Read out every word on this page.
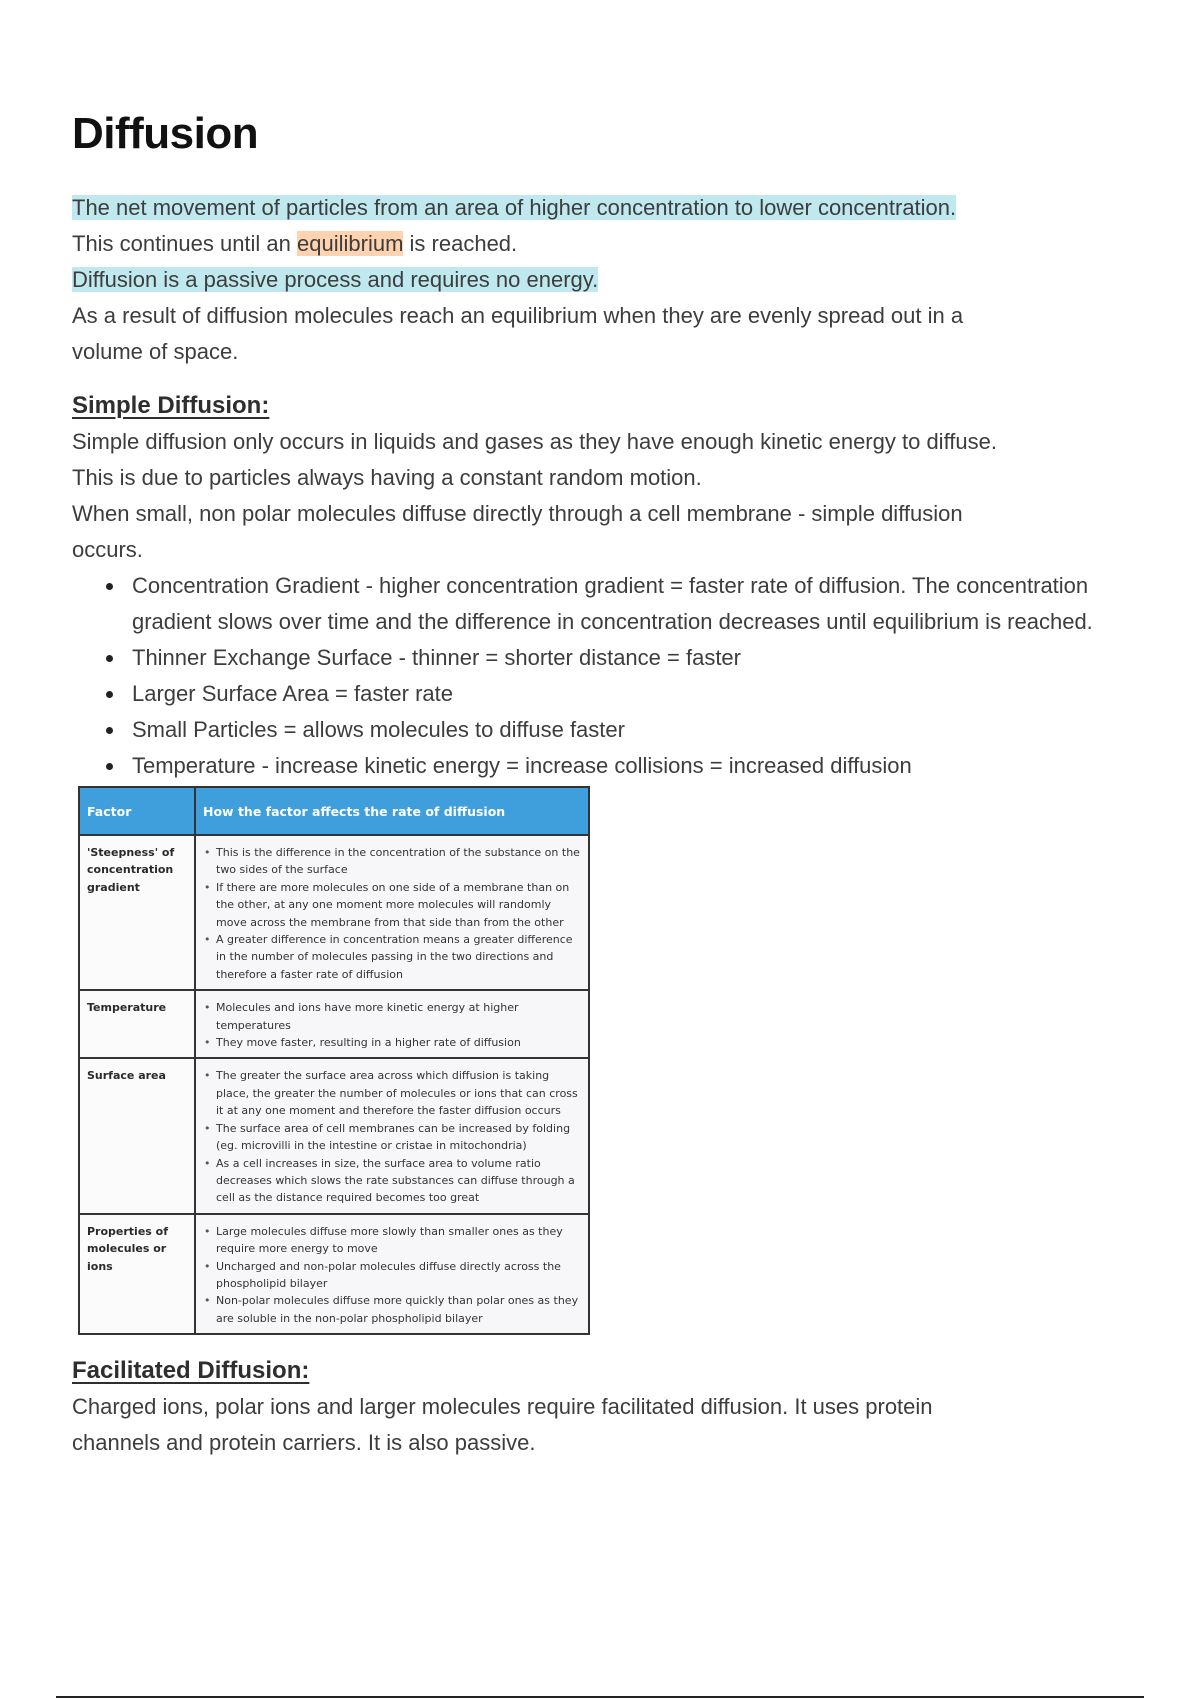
Diffusion
The net movement of particles from an area of higher concentration to lower concentration.
This continues until an equilibrium is reached.
Diffusion is a passive process and requires no energy.
As a result of diffusion molecules reach an equilibrium when they are evenly spread out in a
volume of space.
Simple Diffusion:
Simple diffusion only occurs in liquids and gases as they have enough kinetic energy to diffuse.
This is due to particles always having a constant random motion.
When small, non polar molecules diffuse directly through a cell membrane - simple diffusion
occurs.
Concentration Gradient - higher concentration gradient = faster rate of diffusion. The concentration gradient slows over time and the difference in concentration decreases until equilibrium is reached.
Thinner Exchange Surface - thinner = shorter distance = faster
Larger Surface Area = faster rate
Small Particles = allows molecules to diffuse faster
Temperature - increase kinetic energy = increase collisions = increased diffusion
Factor	How the factor affects the rate of diffusion
'Steepness' of concentration gradient	• This is the difference in the concentration of the substance on the two sides of the surface
• If there are more molecules on one side of a membrane than on the other, at any one moment more molecules will randomly move across the membrane from that side than from the other
• A greater difference in concentration means a greater difference in the number of molecules passing in the two directions and therefore a faster rate of diffusion

Temperature	• Molecules and ions have more kinetic energy at higher temperatures
• They move faster, resulting in a higher rate of diffusion

Surface area	• The greater the surface area across which diffusion is taking place, the greater the number of molecules or ions that can cross it at any one moment and therefore the faster diffusion occurs
• The surface area of cell membranes can be increased by folding (eg. microvilli in the intestine or cristae in mitochondria)
• As a cell increases in size, the surface area to volume ratio decreases which slows the rate substances can diffuse through a cell as the distance required becomes too great

Properties of molecules or ions	• Large molecules diffuse more slowly than smaller ones as they require more energy to move
• Uncharged and non-polar molecules diffuse directly across the phospholipid bilayer
• Non-polar molecules diffuse more quickly than polar ones as they are soluble in the non-polar phospholipid bilayer
Facilitated Diffusion:
Charged ions, polar ions and larger molecules require facilitated diffusion. It uses protein
channels and protein carriers. It is also passive.
